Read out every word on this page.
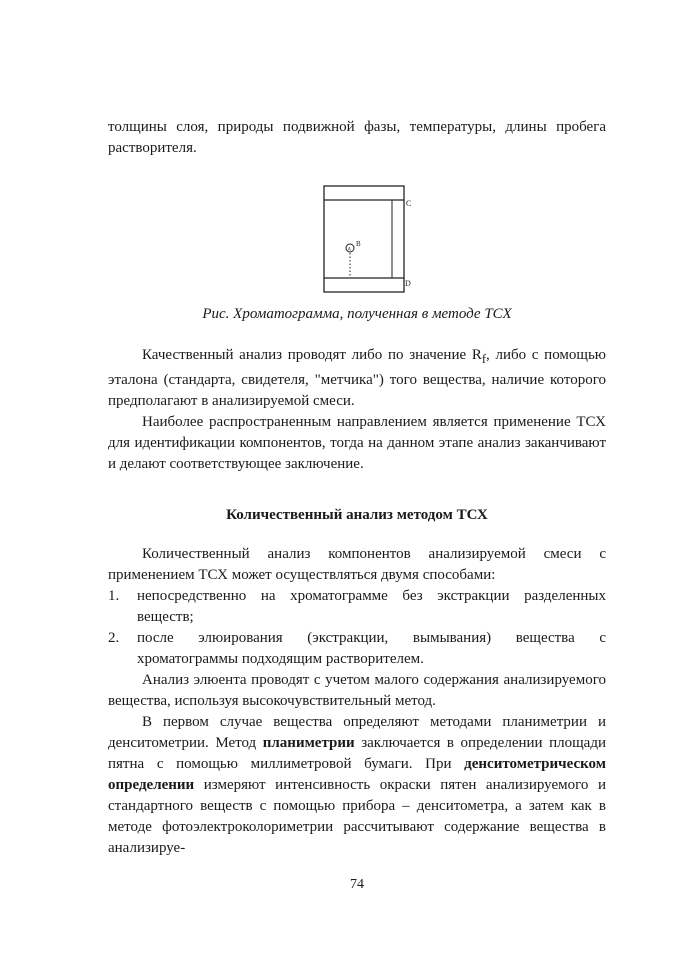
толщины слоя, природы подвижной фазы, температуры, длины пробега растворителя.

C
D
A
B
Рис. Хроматограмма, полученная в методе ТСХ

Качественный анализ проводят либо по значение $R_f$, либо с помощью эталона (стандарта, свидетеля, "метчика") того вещества, наличие которого предполагают в анализируемой смеси.

Наиболее распространенным направлением является применение ТСХ для идентификации компонентов, тогда на данном этапе анализ заканчивают и делают соответствующее заключение.

Количественный анализ методом ТСХ

Количественный анализ компонентов анализируемой смеси с применением ТСХ может осуществляться двумя способами:

1. непосредственно на хроматограмме без экстракции разделенных веществ;
2. после элюирования (экстракции, вымывания) вещества с хроматограммы подходящим растворителем.

Анализ элюента проводят с учетом малого содержания анализируемого вещества, используя высокочувствительный метод.

В первом случае вещества определяют методами планиметрии и денситометрии. Метод планиметрии заключается в определении площади пятна с помощью миллиметровой бумаги. При денситометрическом определении измеряют интенсивность окраски пятен анализируемого и стандартного веществ с помощью прибора – денситометра, а затем как в методе фотоэлектроколориметрии рассчитывают содержание вещества в анализируе-

74
